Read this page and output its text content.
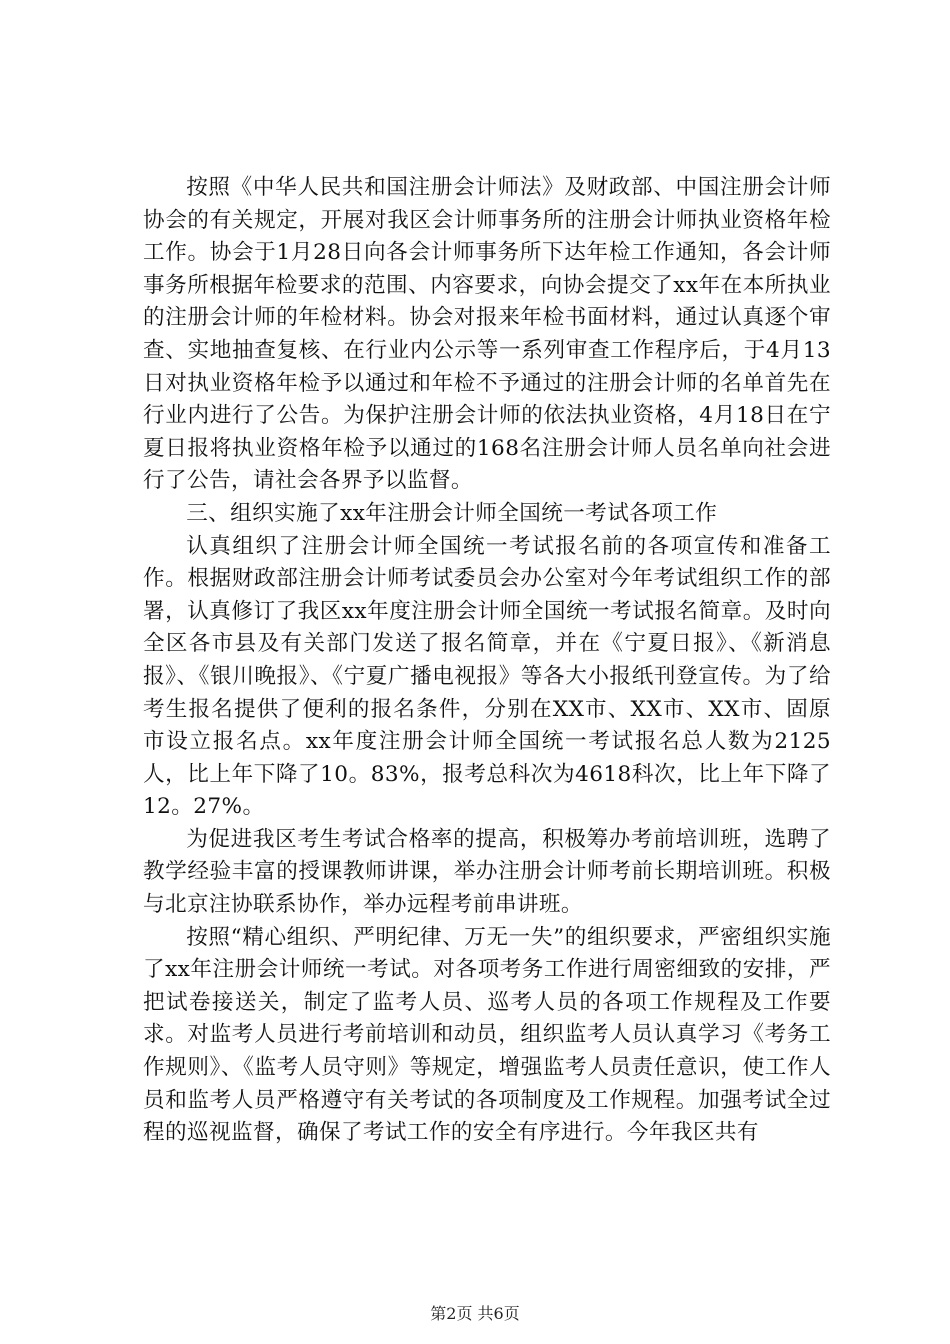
按照《中华人民共和国注册会计师法》及财政部、中国注册会计师协会的有关规定，开展对我区会计师事务所的注册会计师执业资格年检工作。协会于1月28日向各会计师事务所下达年检工作通知，各会计师事务所根据年检要求的范围、内容要求，向协会提交了xx年在本所执业的注册会计师的年检材料。协会对报来年检书面材料，通过认真逐个审查、实地抽查复核、在行业内公示等一系列审查工作程序后，于4月13日对执业资格年检予以通过和年检不予通过的注册会计师的名单首先在行业内进行了公告。为保护注册会计师的依法执业资格，4月18日在宁夏日报将执业资格年检予以通过的168名注册会计师人员名单向社会进行了公告，请社会各界予以监督。

三、组织实施了xx年注册会计师全国统一考试各项工作

认真组织了注册会计师全国统一考试报名前的各项宣传和准备工作。根据财政部注册会计师考试委员会办公室对今年考试组织工作的部署，认真修订了我区xx年度注册会计师全国统一考试报名简章。及时向全区各市县及有关部门发送了报名简章，并在《宁夏日报》、《新消息报》、《银川晚报》、《宁夏广播电视报》等各大小报纸刊登宣传。为了给考生报名提供了便利的报名条件，分别在XX市、XX市、XX市、固原市设立报名点。xx年度注册会计师全国统一考试报名总人数为2125人，比上年下降了10。83%，报考总科次为4618科次，比上年下降了12。27%。

为促进我区考生考试合格率的提高，积极筹办考前培训班，选聘了教学经验丰富的授课教师讲课，举办注册会计师考前长期培训班。积极与北京注协联系协作，举办远程考前串讲班。

按照“精心组织、严明纪律、万无一失”的组织要求，严密组织实施了xx年注册会计师统一考试。对各项考务工作进行周密细致的安排，严把试卷接送关，制定了监考人员、巡考人员的各项工作规程及工作要求。对监考人员进行考前培训和动员，组织监考人员认真学习《考务工作规则》、《监考人员守则》等规定，增强监考人员责任意识，使工作人员和监考人员严格遵守有关考试的各项制度及工作规程。加强考试全过程的巡视监督，确保了考试工作的安全有序进行。今年我区共有

第2页 共6页
